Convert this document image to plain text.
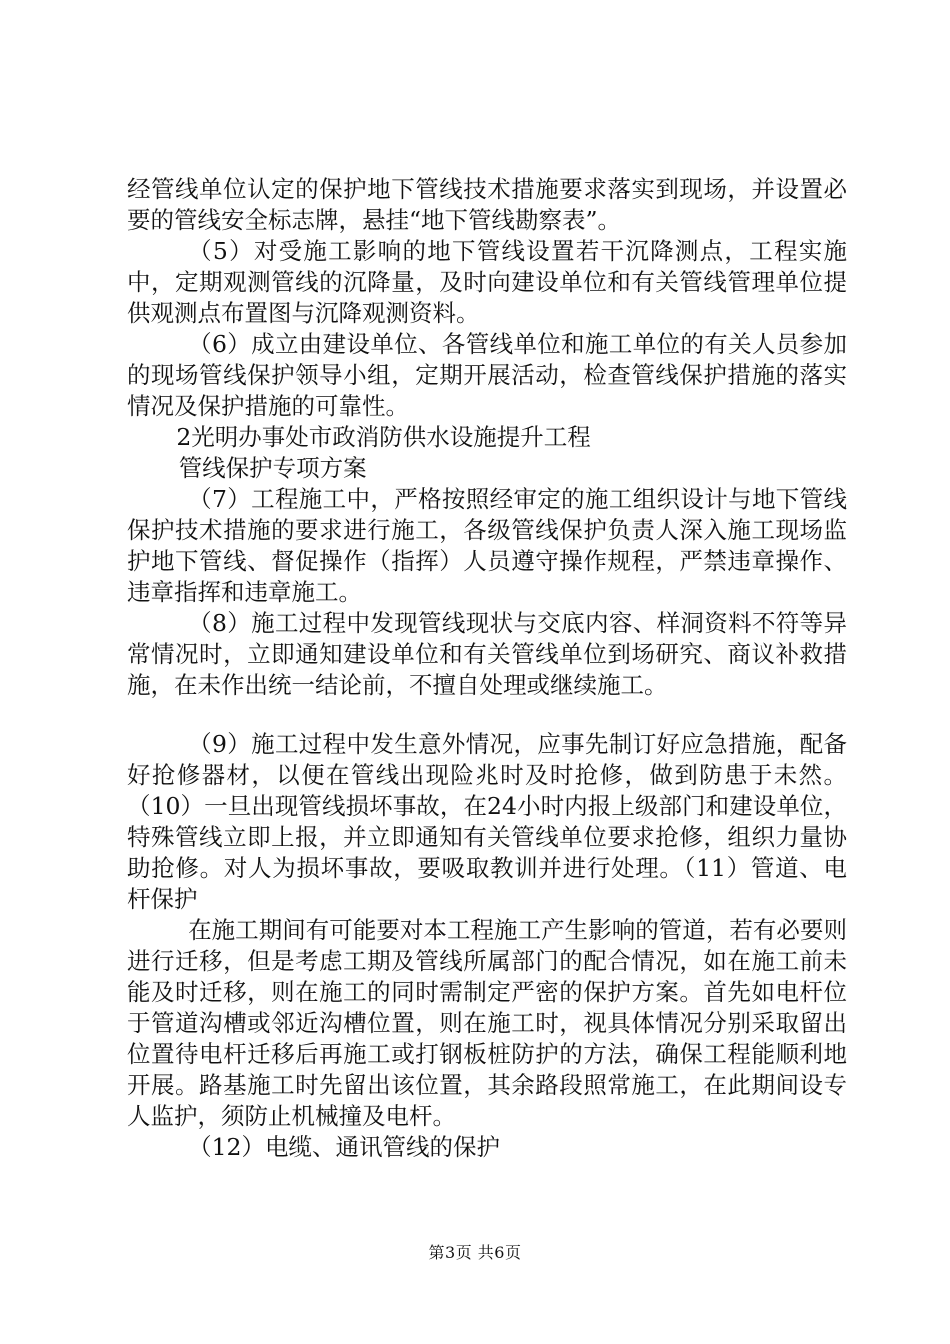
经管线单位认定的保护地下管线技术措施要求落实到现场，并设置必要的管线安全标志牌，悬挂“地下管线勘察表”。

（5）对受施工影响的地下管线设置若干沉降测点，工程实施中，定期观测管线的沉降量，及时向建设单位和有关管线管理单位提供观测点布置图与沉降观测资料。

（6）成立由建设单位、各管线单位和施工单位的有关人员参加的现场管线保护领导小组，定期开展活动，检查管线保护措施的落实情况及保护措施的可靠性。

2光明办事处市政消防供水设施提升工程

管线保护专项方案

（7）工程施工中，严格按照经审定的施工组织设计与地下管线保护技术措施的要求进行施工，各级管线保护负责人深入施工现场监护地下管线、督促操作（指挥）人员遵守操作规程，严禁违章操作、违章指挥和违章施工。

（8）施工过程中发现管线现状与交底内容、样洞资料不符等异常情况时，立即通知建设单位和有关管线单位到场研究、商议补救措施，在未作出统一结论前，不擅自处理或继续施工。

（9）施工过程中发生意外情况，应事先制订好应急措施，配备好抢修器材，以便在管线出现险兆时及时抢修，做到防患于未然。（10）一旦出现管线损坏事故，在24小时内报上级部门和建设单位，特殊管线立即上报，并立即通知有关管线单位要求抢修，组织力量协助抢修。对人为损坏事故，要吸取教训并进行处理。（11）管道、电杆保护

在施工期间有可能要对本工程施工产生影响的管道，若有必要则进行迁移，但是考虑工期及管线所属部门的配合情况，如在施工前未能及时迁移，则在施工的同时需制定严密的保护方案。首先如电杆位于管道沟槽或邻近沟槽位置，则在施工时，视具体情况分别采取留出位置待电杆迁移后再施工或打钢板桩防护的方法，确保工程能顺利地开展。路基施工时先留出该位置，其余路段照常施工，在此期间设专人监护，须防止机械撞及电杆。

（12）电缆、通讯管线的保护

第3页 共6页
